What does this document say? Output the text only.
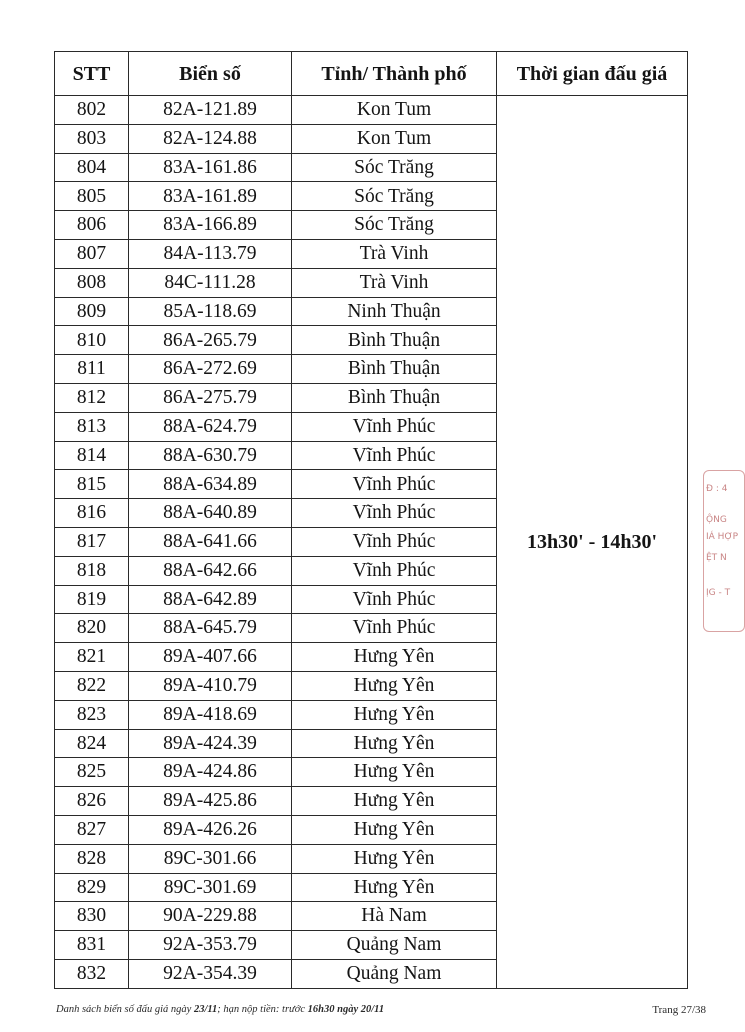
STT	Biển số	Tỉnh/ Thành phố	Thời gian đấu giá
802	82A-121.89	Kon Tum	13h30' - 14h30'
803	82A-124.88	Kon Tum	
804	83A-161.86	Sóc Trăng	
805	83A-161.89	Sóc Trăng	
806	83A-166.89	Sóc Trăng	
807	84A-113.79	Trà Vinh	
808	84C-111.28	Trà Vinh	
809	85A-118.69	Ninh Thuận	
810	86A-265.79	Bình Thuận	
811	86A-272.69	Bình Thuận	
812	86A-275.79	Bình Thuận	
813	88A-624.79	Vĩnh Phúc	
814	88A-630.79	Vĩnh Phúc	
815	88A-634.89	Vĩnh Phúc	
816	88A-640.89	Vĩnh Phúc	
817	88A-641.66	Vĩnh Phúc	
818	88A-642.66	Vĩnh Phúc	
819	88A-642.89	Vĩnh Phúc	
820	88A-645.79	Vĩnh Phúc	
821	89A-407.66	Hưng Yên	
822	89A-410.79	Hưng Yên	
823	89A-418.69	Hưng Yên	
824	89A-424.39	Hưng Yên	
825	89A-424.86	Hưng Yên	
826	89A-425.86	Hưng Yên	
827	89A-426.26	Hưng Yên	
828	89C-301.66	Hưng Yên	
829	89C-301.69	Hưng Yên	
830	90A-229.88	Hà Nam	
831	92A-353.79	Quảng Nam	
832	92A-354.39	Quảng Nam	
Danh sách biển số đấu giá ngày 23/11; hạn nộp tiền: trước 16h30 ngày 20/11	Trang 27/38
Đ : 4
ỘNG
IÁ HỢP
ỆT N
ỊG - T
